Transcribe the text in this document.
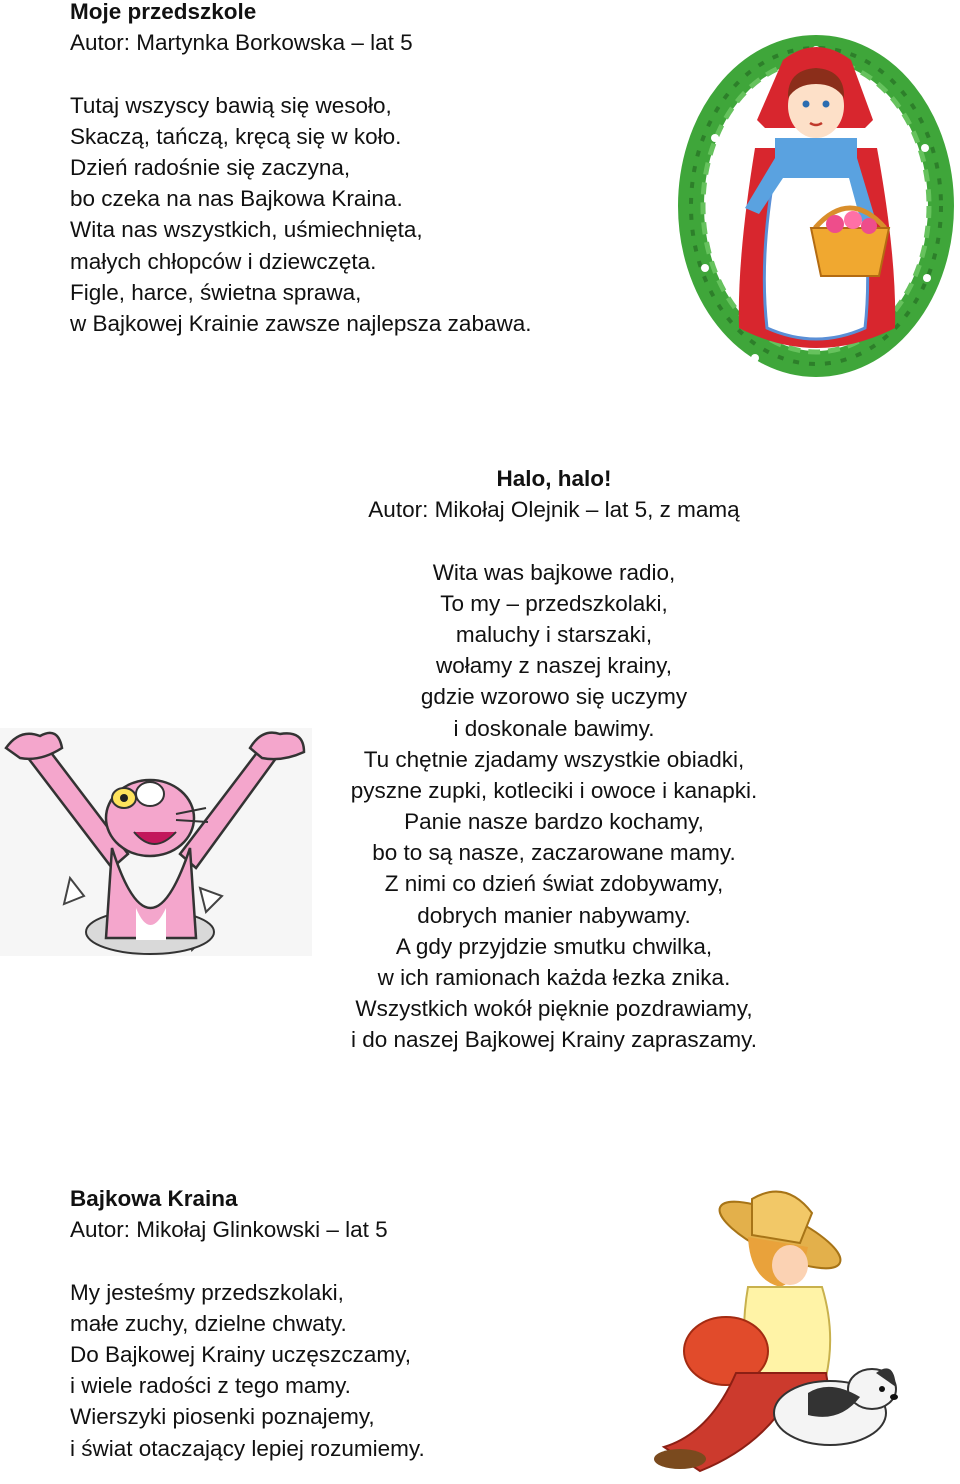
Moje przedszkole
Autor: Martynka Borkowska – lat 5
Tutaj wszyscy bawią się wesoło,
Skaczą, tańczą, kręcą się w koło.
Dzień radośnie się zaczyna,
bo czeka na nas Bajkowa Kraina.
Wita nas wszystkich, uśmiechnięta,
małych chłopców i dziewczęta.
Figle, harce, świetna sprawa,
w Bajkowej Krainie zawsze najlepsza zabawa.
Halo, halo!
Autor: Mikołaj Olejnik – lat 5, z mamą
Wita was bajkowe radio,
To my – przedszkolaki,
maluchy i starszaki,
wołamy z naszej krainy,
gdzie wzorowo się uczymy
i doskonale bawimy.
Tu chętnie zjadamy wszystkie obiadki,
pyszne zupki, kotleciki i owoce i kanapki.
Panie nasze bardzo kochamy,
bo to są nasze, zaczarowane mamy.
Z nimi co dzień świat zdobywamy,
dobrych manier nabywamy.
A gdy przyjdzie smutku chwilka,
w ich ramionach każda łezka znika.
Wszystkich wokół pięknie pozdrawiamy,
i do naszej Bajkowej Krainy zapraszamy.
Bajkowa Kraina
Autor: Mikołaj Glinkowski – lat 5
My jesteśmy przedszkolaki,
małe zuchy, dzielne chwaty.
Do Bajkowej Krainy uczęszczamy,
i wiele radości z tego mamy.
Wierszyki piosenki poznajemy,
i świat otaczający lepiej rozumiemy.
